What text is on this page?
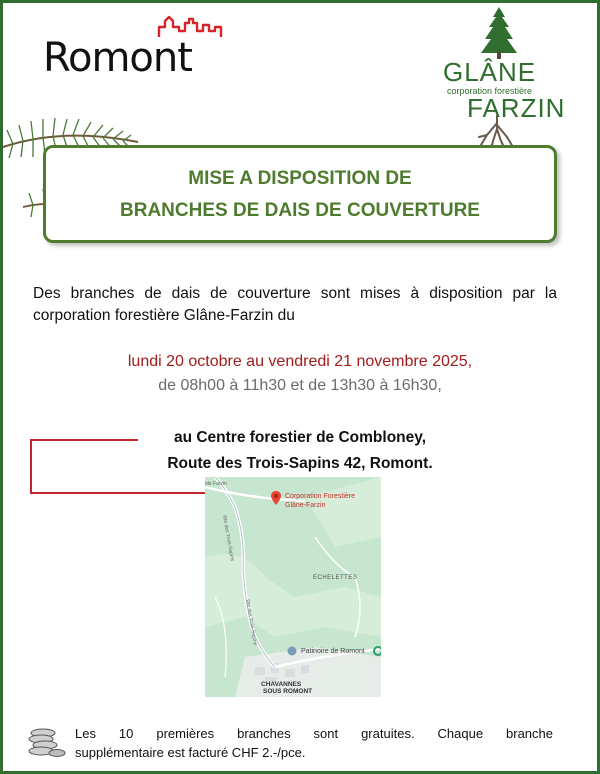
Romont	GLÂNE
corporation forestière
FARZIN
MISE A DISPOSITION DE
BRANCHES DE DAIS DE COUVERTURE
Des branches de dais de couverture sont mises à disposition par la corporation forestière Glâne-Farzin du
lundi 20 octobre au vendredi 21 novembre 2025,
de 08h00 à 11h30 et de 13h30 à 16h30,
au Centre forestier de Combloney,
Route des Trois-Sapins 42, Romont.
Corporation Forestière
Glâne-Farzin
ECHELETTES
Patinoire de Romont
CHAVANNES
SOUS ROMONT
ide Farzin
Rte des Trois-Sapins
Rte des Trois-Sapins
Les 10 premières branches sont gratuites. Chaque branche
supplémentaire est facturé CHF 2.-/pce.
